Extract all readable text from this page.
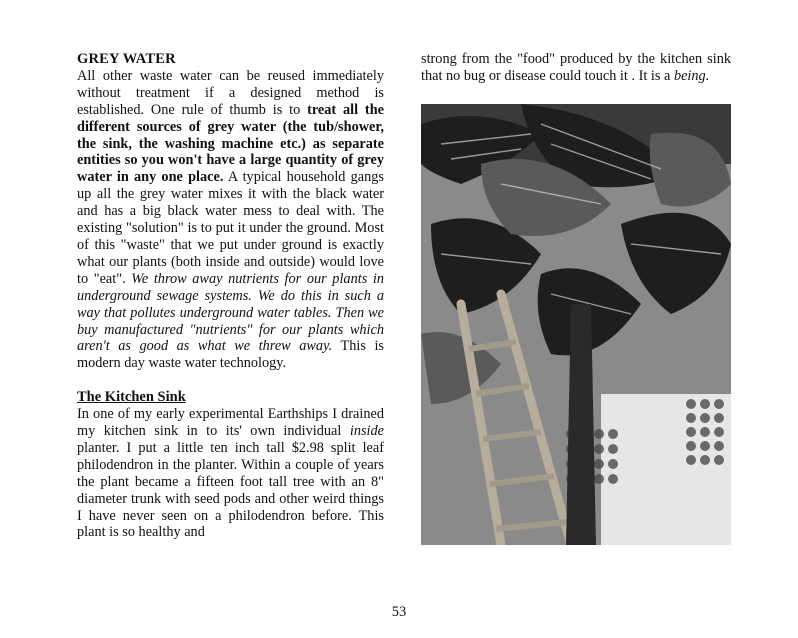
GREY WATER

All other waste water can be reused immediately without treatment if a designed method is established. One rule of thumb is to treat all the different sources of grey water (the tub/shower, the sink, the washing machine etc.) as separate entities so you won't have a large quantity of grey water in any one place. A typical household gangs up all the grey water mixes it with the black water and has a big black water mess to deal with. The existing "solution" is to put it under the ground. Most of this "waste" that we put under ground is exactly what our plants (both inside and outside) would love to "eat". We throw away nutrients for our plants in underground sewage systems. We do this in such a way that pollutes underground water tables. Then we buy manufactured "nutrients" for our plants which aren't as good as what we threw away. This is modern day waste water technology.

The Kitchen Sink

In one of my early experimental Earthships I drained my kitchen sink in to its' own individual inside planter. I put a little ten inch tall $2.98 split leaf philodendron in the planter. Within a couple of years the plant became a fifteen foot tall tree with an 8" diameter trunk with seed pods and other weird things I have never seen on a philodendron before. This plant is so healthy and

strong from the "food" produced by the kitchen sink that no bug or disease could touch it . It is a being.

53
